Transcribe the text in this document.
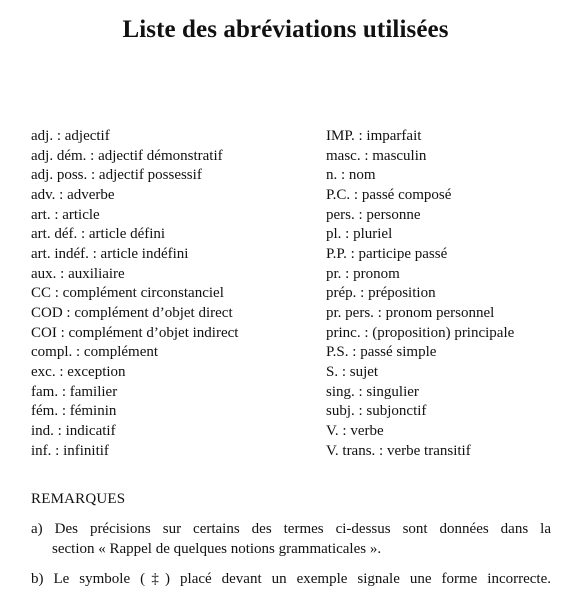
Liste des abréviations utilisées
adj. : adjectif
adj. dém. : adjectif démonstratif
adj. poss. : adjectif possessif
adv. : adverbe
art. : article
art. déf. : article défini
art. indéf. : article indéfini
aux. : auxiliaire
CC : complément circonstanciel
COD : complément d’objet direct
COI : complément d’objet indirect
compl. : complément
exc. : exception
fam. : familier
fém. : féminin
ind. : indicatif
inf. : infinitif
IMP. : imparfait
masc. : masculin
n. : nom
P.C. : passé composé
pers. : personne
pl. : pluriel
P.P. : participe passé
pr. : pronom
prép. : préposition
pr. pers. : pronom personnel
princ. : (proposition) principale
P.S. : passé simple
S. : sujet
sing. : singulier
subj. : subjonctif
V. : verbe
V. trans. : verbe transitif
REMARQUES
a) Des précisions sur certains des termes ci-dessus sont données dans la
section « Rappel de quelques notions grammaticales ».
b) Le symbole (‡) placé devant un exemple signale une forme incorrecte.
